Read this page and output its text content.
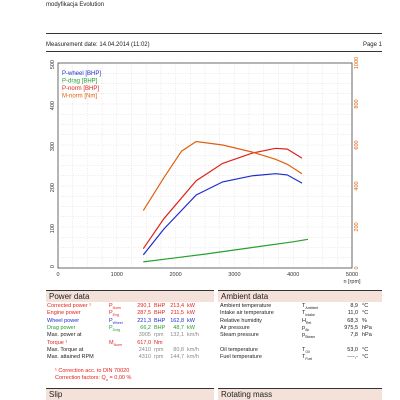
modyfikacja Evolution
Measurement date: 14.04.2014 (11:02)	Page 1
0	1000	2000	3000	4000	5000
n [rpm]
0
100
200
300
400
500
0
200
400
600
800
1000
P-wheel [BHP]
P-drag [BHP]
P-norm [BHP]
M-norm [Nm]
Power data
Corrected power ¹	$P_{Norm}$	290,1 BHP 213,4 kW
Engine power	$P_{Eng}$	287,5 BHP 211,5 kW
Wheel power	$P_{Wheel}$	221,3 BHP 162,8 kW
Drag power	$P_{Drag}$	66,2 BHP	48,7 kW
Max. power at	3905 rpm	132,1 km/h
Torque ¹	$M_{Norm}$	617,0 Nm
Max. Torque at	2410 rpm	80,8 km/h
Max. attained RPM	4310 rpm	144,7 km/h
¹ Correction acc. to DIN 70020
Correction factors: $Q_o = 0,00$ %
Ambient data
Ambient temperature	$T_{Ambient}$	8,9 °C
Intake air temperature	$T_{Intake}$	11,0 °C
Relative humidity	$H_{Rel}$	68,3 %
Air pressure	$p_{Air}$	975,5 hPa
Steam pressure	$p_{Steam}$	7,8 hPa
Oil temperature	$T_{Oil}$	53,0 °C
Fuel temperature	$T_{Fuel}$	----,- °C
Slip	Rotating mass
